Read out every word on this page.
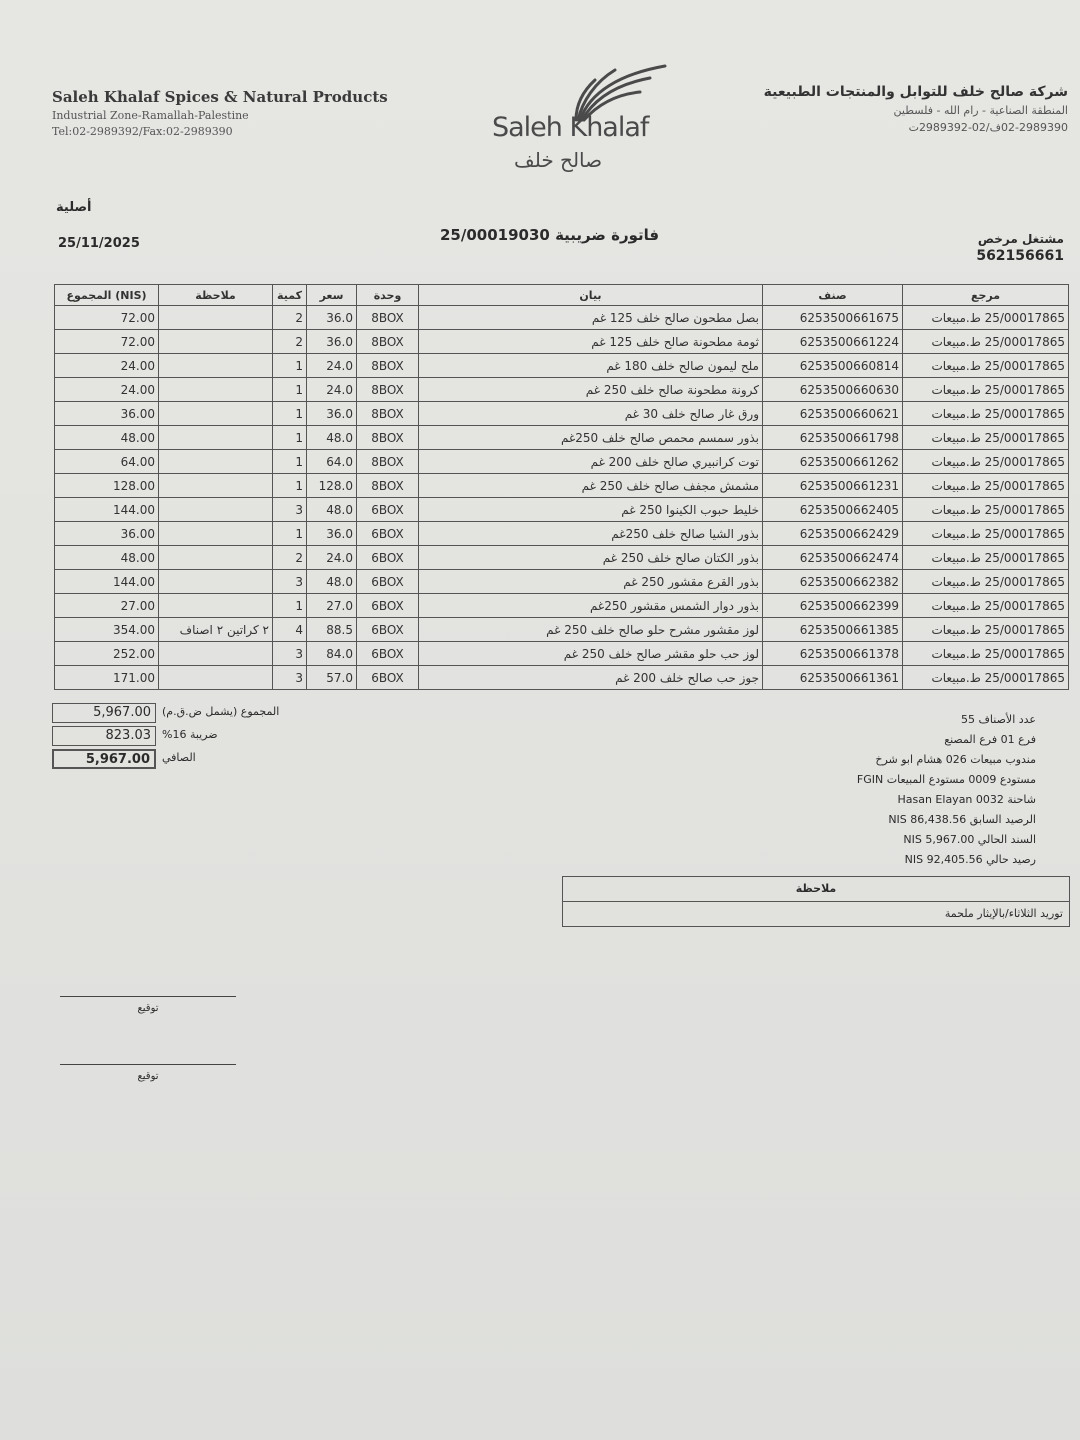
Saleh Khalaf Spices & Natural Products
Industrial Zone-Ramallah-Palestine
Tel:02-2989392/Fax:02-2989390	Saleh Khalaf
صالح خلف
شركة صالح خلف للتوابل والمنتجات الطبيعية
المنطقة الصناعية - رام الله - فلسطين
02-2989390ف/02-2989392ت
أصلية
25/11/2025	فاتورة ضريبية 25/00019030	مشتغل مرخص
562156661
المجموع (NIS)	ملاحظة	كمية	سعر	وحدة	بيان	صنف	مرجع
72.00		2	36.0	8BOX	بصل مطحون صالح خلف 125 غم	6253500661675	25/00017865 ط.مبيعات
72.00		2	36.0	8BOX	ثومة مطحونة صالح خلف 125 غم	6253500661224	25/00017865 ط.مبيعات
24.00		1	24.0	8BOX	ملح ليمون صالح خلف 180 غم	6253500660814	25/00017865 ط.مبيعات
24.00		1	24.0	8BOX	كرونة مطحونة صالح خلف 250 غم	6253500660630	25/00017865 ط.مبيعات
36.00		1	36.0	8BOX	ورق غار صالح خلف 30 غم	6253500660621	25/00017865 ط.مبيعات
48.00		1	48.0	8BOX	بذور سمسم محمص صالح خلف 250غم	6253500661798	25/00017865 ط.مبيعات
64.00		1	64.0	8BOX	توت كرانبيري صالح خلف 200 غم	6253500661262	25/00017865 ط.مبيعات
128.00		1	128.0	8BOX	مشمش مجفف صالح خلف 250 غم	6253500661231	25/00017865 ط.مبيعات
144.00		3	48.0	6BOX	خليط حبوب الكينوا 250 غم	6253500662405	25/00017865 ط.مبيعات
36.00		1	36.0	6BOX	بذور الشيا صالح خلف 250غم	6253500662429	25/00017865 ط.مبيعات
48.00		2	24.0	6BOX	بذور الكتان صالح خلف 250 غم	6253500662474	25/00017865 ط.مبيعات
144.00		3	48.0	6BOX	بذور القرع مقشور 250 غم	6253500662382	25/00017865 ط.مبيعات
27.00		1	27.0	6BOX	بذور دوار الشمس مقشور 250غم	6253500662399	25/00017865 ط.مبيعات
354.00	٢ كراتين ٢ اصناف	4	88.5	6BOX	لوز مقشور مشرح حلو صالح خلف 250 غم	6253500661385	25/00017865 ط.مبيعات
252.00		3	84.0	6BOX	لوز حب حلو مقشر صالح خلف 250 غم	6253500661378	25/00017865 ط.مبيعات
171.00		3	57.0	6BOX	جوز حب صالح خلف 200 غم	6253500661361	25/00017865 ط.مبيعات
5,967.00	المجموع (يشمل ض.ق.م)
823.03	ضريبة 16%
5,967.00	الصافي
عدد الأصناف 55
فرع 01 فرع المصنع
مندوب مبيعات 026 هشام ابو شرخ
مستودع 0009 مستودع المبيعات FGIN
شاحنة Hasan Elayan 0032
الرصيد السابق 86,438.56 NIS
السند الحالي 5,967.00 NIS
رصيد حالي 92,405.56 NIS
ملاحظة
توريد الثلاثاء/بالإيثار ملحمة
توقيع
توقيع
